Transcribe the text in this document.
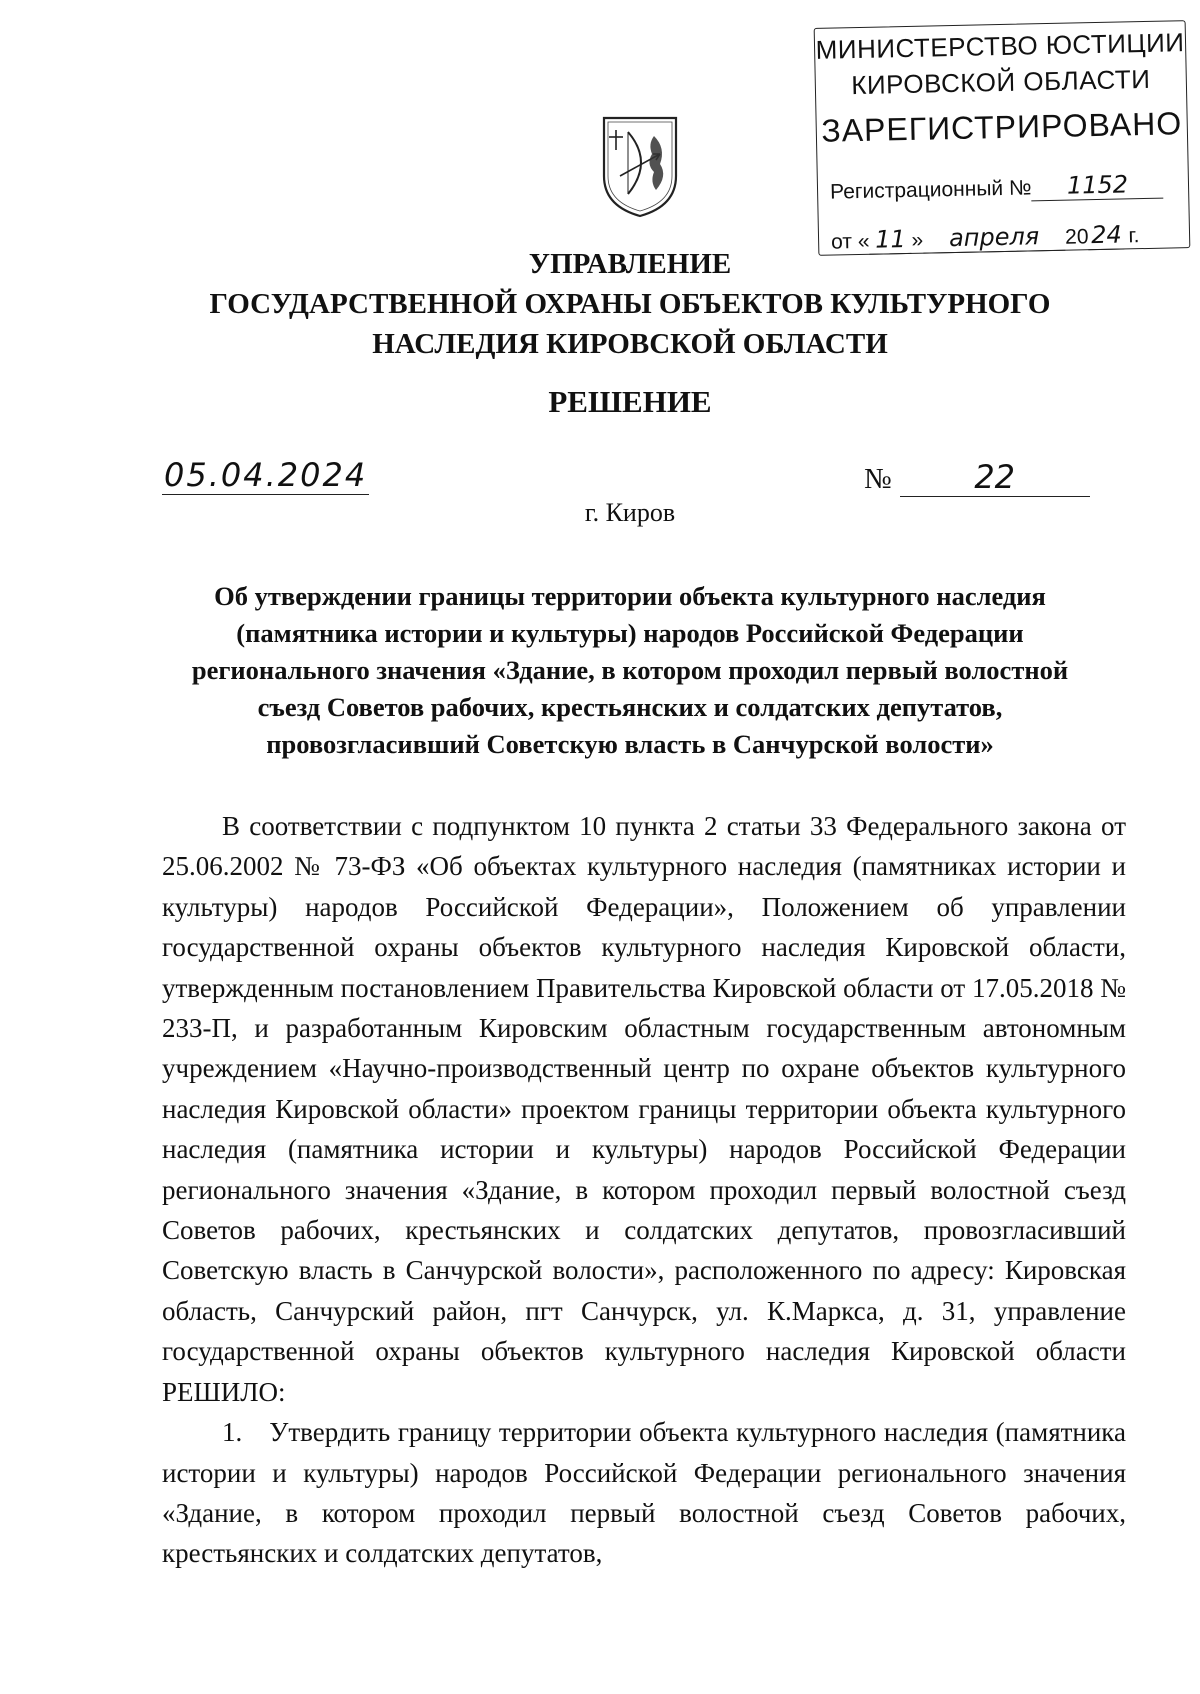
МИНИСТЕРСТВО ЮСТИЦИИ
КИРОВСКОЙ ОБЛАСТИ
ЗАРЕГИСТРИРОВАНО
Регистрационный № 1152
от « 11 » апреля 2024 г.
УПРАВЛЕНИЕ
ГОСУДАРСТВЕННОЙ ОХРАНЫ ОБЪЕКТОВ КУЛЬТУРНОГО
НАСЛЕДИЯ КИРОВСКОЙ ОБЛАСТИ
РЕШЕНИЕ
05.04.2024	№	22
г. Киров
Об утверждении границы территории объекта культурного наследия
(памятника истории и культуры) народов Российской Федерации
регионального значения «Здание, в котором проходил первый волостной
съезд Советов рабочих, крестьянских и солдатских депутатов,
провозгласивший Советскую власть в Санчурской волости»

В соответствии с подпунктом 10 пункта 2 статьи 33 Федерального закона от 25.06.2002 № 73-ФЗ «Об объектах культурного наследия (памятниках истории и культуры) народов Российской Федерации», Положением об управлении государственной охраны объектов культурного наследия Кировской области, утвержденным постановлением Правительства Кировской области от 17.05.2018 № 233-П, и разработанным Кировским областным государственным автономным учреждением «Научно-производственный центр по охране объектов культурного наследия Кировской области» проектом границы территории объекта культурного наследия (памятника истории и культуры) народов Российской Федерации регионального значения «Здание, в котором проходил первый волостной съезд Советов рабочих, крестьянских и солдатских депутатов, провозгласивший Советскую власть в Санчурской волости», расположенного по адресу: Кировская область, Санчурский район, пгт Санчурск, ул. К.Маркса, д. 31, управление государственной охраны объектов культурного наследия Кировской области РЕШИЛО:

1. Утвердить границу территории объекта культурного наследия (памятника истории и культуры) народов Российской Федерации регионального значения «Здание, в котором проходил первый волостной съезд Советов рабочих, крестьянских и солдатских депутатов,
